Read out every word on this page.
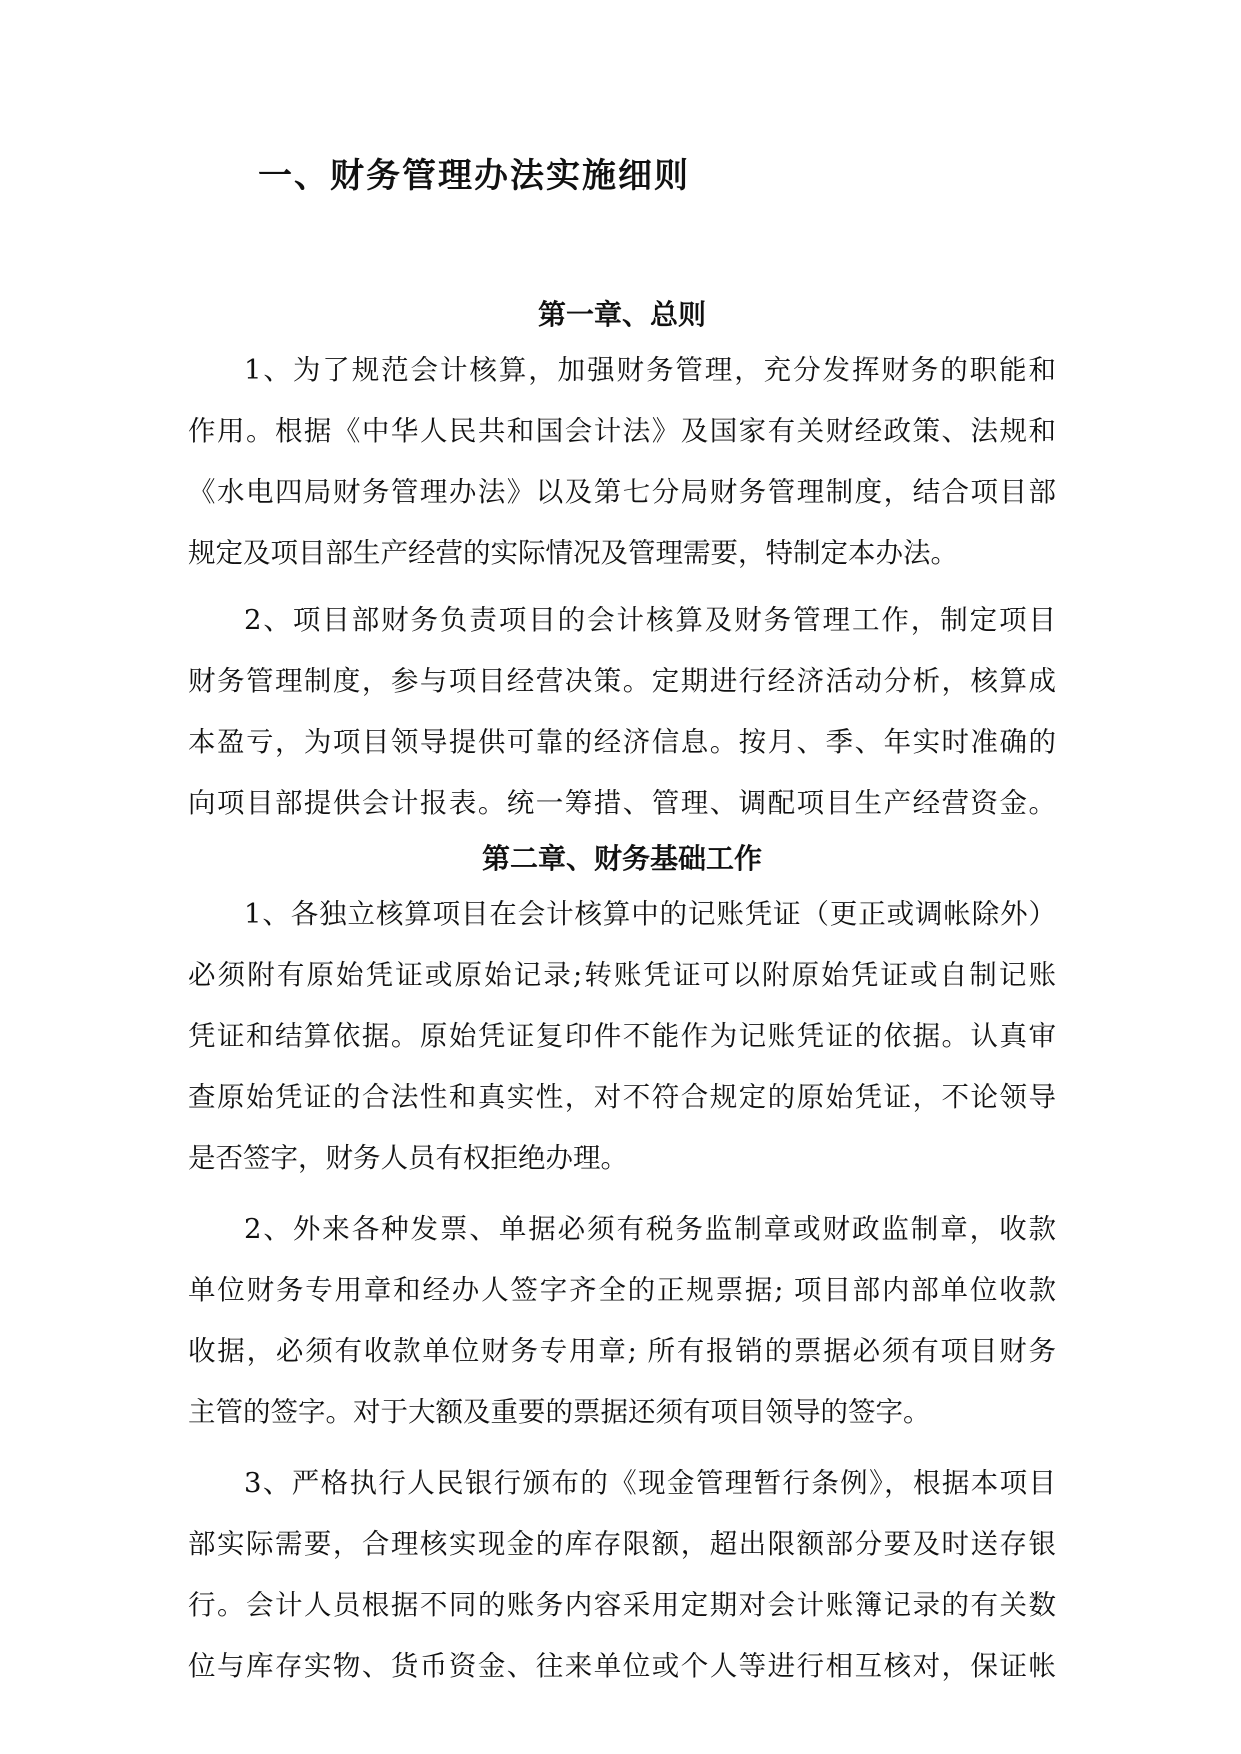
一、财务管理办法实施细则
第一章、总则

1、为了规范会计核算，加强财务管理，充分发挥财务的职能和
作用。根据《中华人民共和国会计法》及国家有关财经政策、法规和
《水电四局财务管理办法》以及第七分局财务管理制度，结合项目部
规定及项目部生产经营的实际情况及管理需要，特制定本办法。

2、项目部财务负责项目的会计核算及财务管理工作，制定项目
财务管理制度，参与项目经营决策。定期进行经济活动分析，核算成
本盈亏，为项目领导提供可靠的经济信息。按月、季、年实时准确的
向项目部提供会计报表。统一筹措、管理、调配项目生产经营资金。

第二章、财务基础工作

1、各独立核算项目在会计核算中的记账凭证（更正或调帐除外）
必须附有原始凭证或原始记录;转账凭证可以附原始凭证或自制记账
凭证和结算依据。原始凭证复印件不能作为记账凭证的依据。认真审
查原始凭证的合法性和真实性，对不符合规定的原始凭证，不论领导
是否签字，财务人员有权拒绝办理。

2、外来各种发票、单据必须有税务监制章或财政监制章，收款
单位财务专用章和经办人签字齐全的正规票据; 项目部内部单位收款
收据，必须有收款单位财务专用章; 所有报销的票据必须有项目财务
主管的签字。对于大额及重要的票据还须有项目领导的签字。

3、严格执行人民银行颁布的《现金管理暂行条例》，根据本项目
部实际需要，合理核实现金的库存限额，超出限额部分要及时送存银
行。会计人员根据不同的账务内容采用定期对会计账簿记录的有关数
位与库存实物、货币资金、往来单位或个人等进行相互核对，保证帐
